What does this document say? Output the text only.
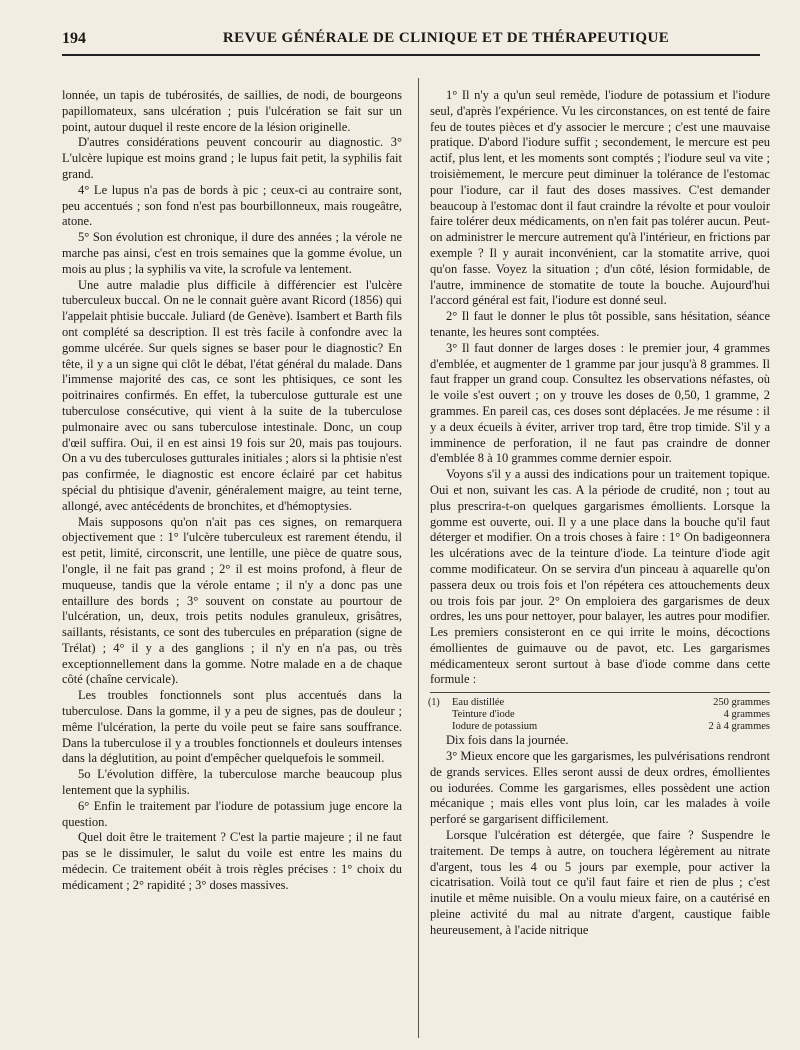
194	REVUE GÉNÉRALE DE CLINIQUE ET DE THÉRAPEUTIQUE

lonnée, un tapis de tubérosités, de saillies, de nodi, de bourgeons papillomateux, sans ulcération ; puis l'ulcération se fait sur un point, autour duquel il reste encore de la lésion originelle.

D'autres considérations peuvent concourir au diagnostic. 3° L'ulcère lupique est moins grand ; le lupus fait petit, la syphilis fait grand.

4° Le lupus n'a pas de bords à pic ; ceux-ci au contraire sont, peu accentués ; son fond n'est pas bourbillonneux, mais rougeâtre, atone.

5° Son évolution est chronique, il dure des années ; la vérole ne marche pas ainsi, c'est en trois semaines que la gomme évolue, un mois au plus ; la syphilis va vite, la scrofule va lentement.

Une autre maladie plus difficile à différencier est l'ulcère tuberculeux buccal. On ne le connait guère avant Ricord (1856) qui l'appelait phtisie buccale. Juliard (de Genève). Isambert et Barth fils ont complété sa description. Il est très facile à confondre avec la gomme ulcérée. Sur quels signes se baser pour le diagnostic? En tête, il y a un signe qui clôt le débat, l'état général du malade. Dans l'immense majorité des cas, ce sont les phtisiques, ce sont les poitrinaires confirmés. En effet, la tuberculose gutturale est une tuberculose consécutive, qui vient à la suite de la tuberculose pulmonaire avec ou sans tuberculose intestinale. Donc, un coup d'œil suffira. Oui, il en est ainsi 19 fois sur 20, mais pas toujours. On a vu des tuberculoses gutturales initiales ; alors si la phtisie n'est pas confirmée, le diagnostic est encore éclairé par cet habitus spécial du phtisique d'avenir, généralement maigre, au teint terne, allongé, avec antécédents de bronchites, et d'hémoptysies.

Mais supposons qu'on n'ait pas ces signes, on remarquera objectivement que : 1° l'ulcère tuberculeux est rarement étendu, il est petit, limité, circonscrit, une lentille, une pièce de quatre sous, l'ongle, il ne fait pas grand ; 2° il est moins profond, à fleur de muqueuse, tandis que la vérole entame ; il n'y a donc pas une entaillure des bords ; 3° souvent on constate au pourtour de l'ulcération, un, deux, trois petits nodules granuleux, grisâtres, saillants, résistants, ce sont des tubercules en préparation (signe de Trélat) ; 4° il y a des ganglions ; il n'y en n'a pas, ou très exceptionnellement dans la gomme. Notre malade en a de chaque côté (chaîne cervicale).

Les troubles fonctionnels sont plus accentués dans la tuberculose. Dans la gomme, il y a peu de signes, pas de douleur ; même l'ulcération, la perte du voile peut se faire sans souffrance. Dans la tuberculose il y a troubles fonctionnels et douleurs intenses dans la déglutition, au point d'empêcher quelquefois le sommeil.

5o L'évolution diffère, la tuberculose marche beaucoup plus lentement que la syphilis.

6° Enfin le traitement par l'iodure de potassium juge encore la question.

Quel doit être le traitement ? C'est la partie majeure ; il ne faut pas se le dissimuler, le salut du voile est entre les mains du médecin. Ce traitement obéit à trois règles précises : 1° choix du médicament ; 2° rapidité ; 3° doses massives.

1° Il n'y a qu'un seul remède, l'iodure de potassium et l'iodure seul, d'après l'expérience. Vu les circonstances, on est tenté de faire feu de toutes pièces et d'y associer le mercure ; c'est une mauvaise pratique. D'abord l'iodure suffit ; secondement, le mercure est peu actif, plus lent, et les moments sont comptés ; l'iodure seul va vite ; troisièmement, le mercure peut diminuer la tolérance de l'estomac pour l'iodure, car il faut des doses massives. C'est demander beaucoup à l'estomac dont il faut craindre la révolte et pour vouloir faire tolérer deux médicaments, on n'en fait pas tolérer aucun. Peut-on administrer le mercure autrement qu'à l'intérieur, en frictions par exemple ? Il y aurait inconvénient, car la stomatite arrive, quoi qu'on fasse. Voyez la situation ; d'un côté, lésion formidable, de l'autre, imminence de stomatite de toute la bouche. Aujourd'hui l'accord général est fait, l'iodure est donné seul.

2° Il faut le donner le plus tôt possible, sans hésitation, séance tenante, les heures sont comptées.

3° Il faut donner de larges doses : le premier jour, 4 grammes d'emblée, et augmenter de 1 gramme par jour jusqu'à 8 grammes. Il faut frapper un grand coup. Consultez les observations néfastes, où le voile s'est ouvert ; on y trouve les doses de 0,50, 1 gramme, 2 grammes. En pareil cas, ces doses sont déplacées. Je me résume : il y a deux écueils à éviter, arriver trop tard, être trop timide. S'il y a imminence de perforation, il ne faut pas craindre de donner d'emblée 8 à 10 grammes comme dernier espoir.

Voyons s'il y a aussi des indications pour un traitement topique. Oui et non, suivant les cas. A la période de crudité, non ; tout au plus prescrira-t-on quelques gargarismes émollients. Lorsque la gomme est ouverte, oui. Il y a une place dans la bouche qu'il faut déterger et modifier. On a trois choses à faire : 1° On badigeonnera les ulcérations avec de la teinture d'iode. La teinture d'iode agit comme modificateur. On se servira d'un pinceau à aquarelle qu'on passera deux ou trois fois et l'on répétera ces attouchements deux ou trois fois par jour. 2° On emploiera des gargarismes de deux ordres, les uns pour nettoyer, pour balayer, les autres pour modifier. Les premiers consisteront en ce qui irrite le moins, décoctions émollientes de guimauve ou de pavot, etc. Les gargarismes médicamenteux seront surtout à base d'iode comme dans cette formule :

(1) Eau distillée	250 grammes
Teinture d'iode	4 grammes
Iodure de potassium	2 à 4 grammes

Dix fois dans la journée.

3° Mieux encore que les gargarismes, les pulvérisations rendront de grands services. Elles seront aussi de deux ordres, émollientes ou iodurées. Comme les gargarismes, elles possèdent une action mécanique ; mais elles vont plus loin, car les malades à voile perforé se gargarisent difficilement.

Lorsque l'ulcération est détergée, que faire ? Suspendre le traitement. De temps à autre, on touchera légèrement au nitrate d'argent, tous les 4 ou 5 jours par exemple, pour activer la cicatrisation. Voilà tout ce qu'il faut faire et rien de plus ; c'est inutile et même nuisible. On a voulu mieux faire, on a cautérisé en pleine activité du mal au nitrate d'argent, caustique faible heureusement, à l'acide nitrique
